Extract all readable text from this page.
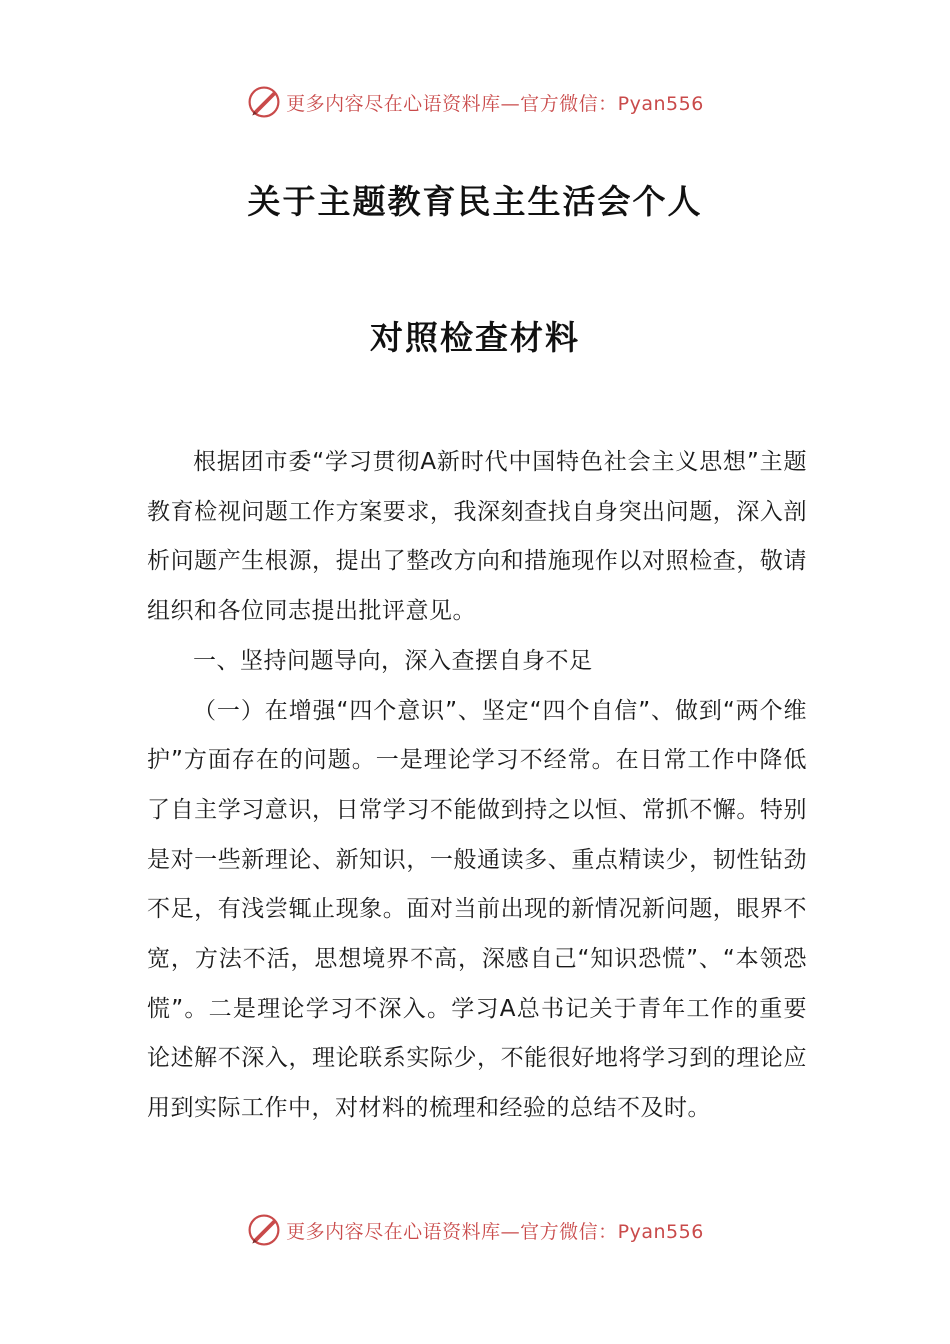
更多内容尽在心语资料库—官方微信：Pyan556
关于主题教育民主生活会个人
对照检查材料

根据团市委“学习贯彻A新时代中国特色社会主义思想”主题教育检视问题工作方案要求，我深刻查找自身突出问题，深入剖析问题产生根源，提出了整改方向和措施现作以对照检查，敬请组织和各位同志提出批评意见。

一、坚持问题导向，深入查摆自身不足

（一）在增强“四个意识”、坚定“四个自信”、做到“两个维护”方面存在的问题。一是理论学习不经常。在日常工作中降低了自主学习意识，日常学习不能做到持之以恒、常抓不懈。特别是对一些新理论、新知识，一般通读多、重点精读少，韧性钻劲不足，有浅尝辄止现象。面对当前出现的新情况新问题，眼界不宽，方法不活，思想境界不高，深感自己“知识恐慌”、“本领恐慌”。二是理论学习不深入。学习A总书记关于青年工作的重要论述解不深入，理论联系实际少，不能很好地将学习到的理论应用到实际工作中，对材料的梳理和经验的总结不及时。

更多内容尽在心语资料库—官方微信：Pyan556
